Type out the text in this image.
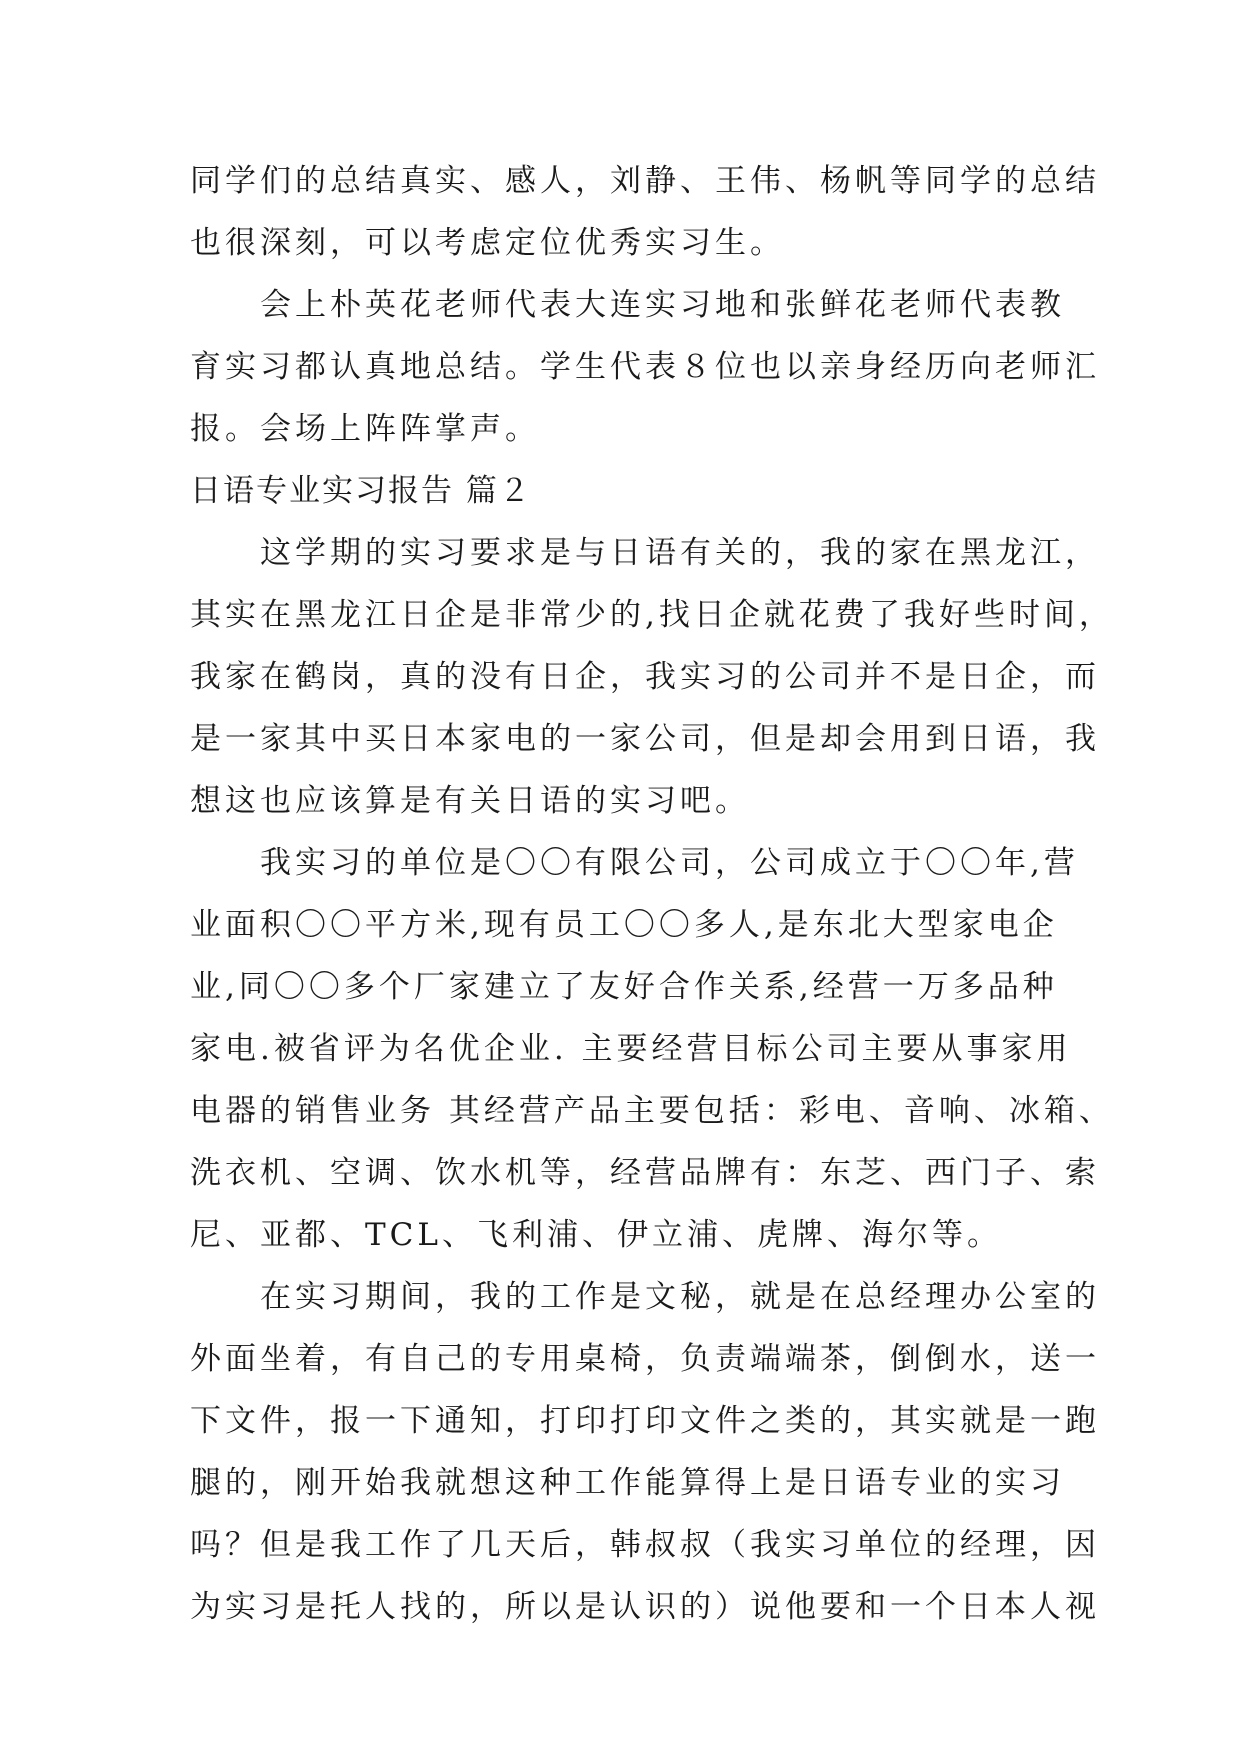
同学们的总结真实、感人，刘静、王伟、杨帆等同学的总结
也很深刻，可以考虑定位优秀实习生。
会上朴英花老师代表大连实习地和张鲜花老师代表教
育实习都认真地总结。学生代表８位也以亲身经历向老师汇
报。会场上阵阵掌声。
日语专业实习报告 篇２
这学期的实习要求是与日语有关的，我的家在黑龙江，
其实在黑龙江日企是非常少的,找日企就花费了我好些时间，
我家在鹤岗，真的没有日企，我实习的公司并不是日企，而
是一家其中买日本家电的一家公司，但是却会用到日语，我
想这也应该算是有关日语的实习吧。
我实习的单位是〇〇有限公司，公司成立于〇〇年,营
业面积〇〇平方米,现有员工〇〇多人,是东北大型家电企
业,同〇〇多个厂家建立了友好合作关系,经营一万多品种
家电.被省评为名优企业. 主要经营目标公司主要从事家用
电器的销售业务 其经营产品主要包括：彩电、音响、冰箱、
洗衣机、空调、饮水机等，经营品牌有：东芝、西门子、索
尼、亚都、TCL、飞利浦、伊立浦、虎牌、海尔等。
在实习期间，我的工作是文秘，就是在总经理办公室的
外面坐着，有自己的专用桌椅，负责端端茶，倒倒水，送一
下文件，报一下通知，打印打印文件之类的，其实就是一跑
腿的，刚开始我就想这种工作能算得上是日语专业的实习
吗？但是我工作了几天后，韩叔叔（我实习单位的经理，因
为实习是托人找的，所以是认识的）说他要和一个日本人视
